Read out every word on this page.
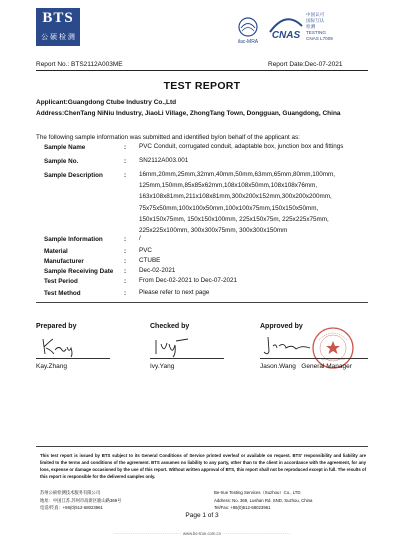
BTS
公 硕 检 测
ilac-MRA
CNAS
中国认可
国际互认
检测
TESTING
CNAS L7009
Report No.: BTS2112A003ME	Report Date:Dec-07-2021
TEST REPORT
Applicant:Guangdong Ctube Industry Co.,Ltd
Address:ChenTang NiNiu Industry, JiaoLi Village, ZhongTang Town, Dongguan, Guangdong, China
The following sample information was submitted and identified by/on behalf of the applicant as:
Sample Name	: PVC Conduit, corrugated conduit, adaptable box, junction box and fittings
Sample No.	: SN2112A003.001
Sample Description	: 16mm,20mm,25mm,32mm,40mm,50mm,63mm,65mm,80mm,100mm,
125mm,150mm,85x85x62mm,108x108x50mm,108x108x76mm,
163x108x81mm,211x108x81mm,300x200x152mm,300x200x200mm,
75x75x50mm,100x100x50mm,100x100x75mm,150x150x50mm,
150x150x75mm, 150x150x100mm, 225x150x75m, 225x225x75mm,
225x225x100mm, 300x300x75mm, 300x300x150mm
Sample Information	: /
Material	: PVC
Manufacturer	: CTUBE
Sample Receiving Date : Dec-02-2021
Test Period	: From Dec-02-2021 to Dec-07-2021
Test Method	: Please refer to next page
Prepared by	Checked by	Approved by
Kay.Zhang	Ivy.Yang	Jason.Wang   General Manager
This test report is issued by BTS subject to its General Conditions of Service printed overleaf or available on request. BTS' responsibility and liability are limited to the terms and conditions of the agreement. BTS assumes no liability to any party, other than to the client in accordance with the agreement, for any loss, expense or damage occasioned by the use of this report. Without written approval of BTS, this report shall not be reproduced except in full. The results of this report is responsible for the delivered samples only.
苏州公硕检测技术服务有限公司
地址：中国江苏.苏州市高新区鹿山路369号
电话/传真：+86(0)512-68023961
Be-true Testing Services（Suzhou）Co., LTD
Address: No. 369, Lushan Rd. SND, Suzhou, China
Tel/Fax: +86(0)512-68023961
Page 1 of 3
------------------------------------ www.be-true.com.cn ------------------------------------
